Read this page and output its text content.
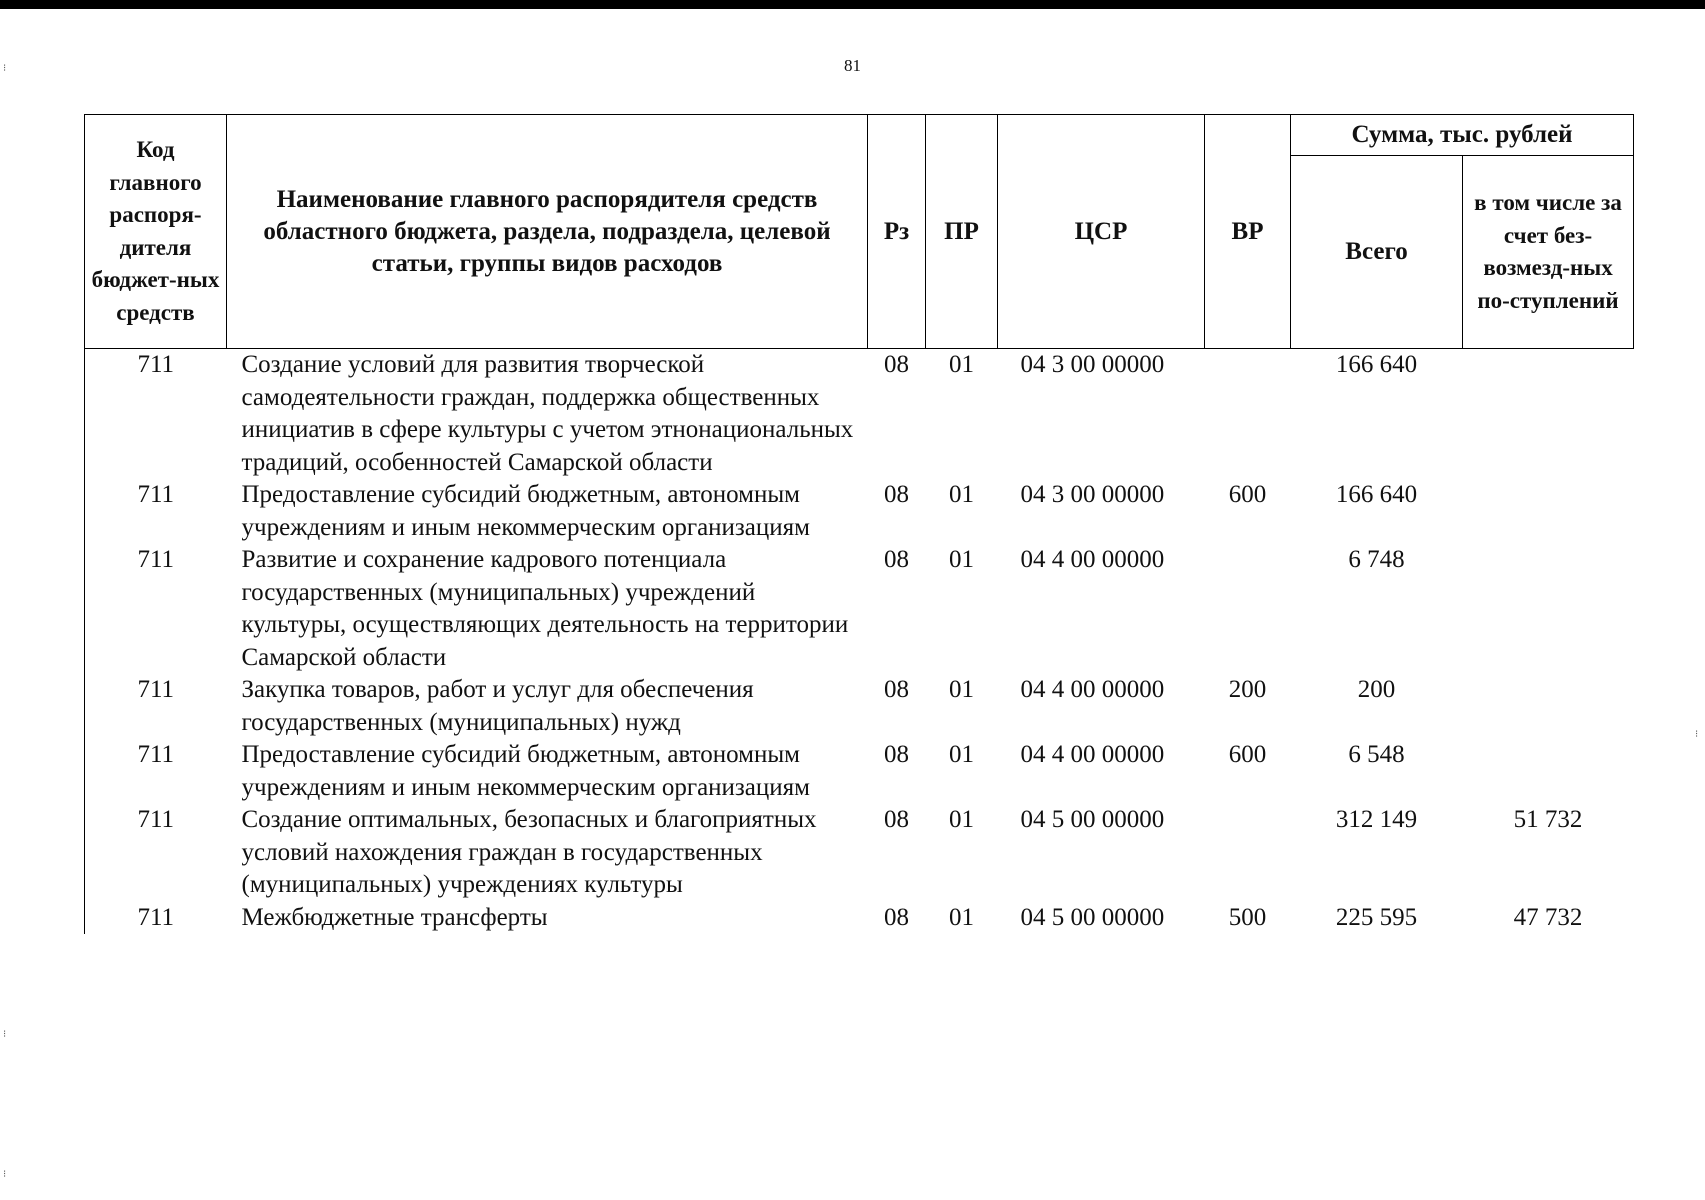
81
⁝
⁝
⁝
⁝
Код главного распоря-дителя бюджет-ных средств	Наименование главного распорядителя средств областного бюджета, раздела, подраздела, целевой статьи, группы видов расходов	Рз	ПР	ЦСР	ВР	Сумма, тыс. рублей	
						Всего	в том числе за счет без-возмезд-ных по-ступлений
711	Создание условий для развития творческой самодеятельности граждан, поддержка общественных инициатив в сфере культуры с учетом этнонациональных традиций, особенностей Самарской области	08	01	04 3 00 00000		166 640	
711	Предоставление субсидий бюджетным, автономным учреждениям и иным некоммерческим организациям	08	01	04 3 00 00000	600	166 640	
711	Развитие и сохранение кадрового потенциала государственных (муниципальных) учреждений культуры, осуществляющих деятельность на территории Самарской области	08	01	04 4 00 00000		6 748	
711	Закупка товаров, работ и услуг для обеспечения государственных (муниципальных) нужд	08	01	04 4 00 00000	200	200	
711	Предоставление субсидий бюджетным, автономным учреждениям и иным некоммерческим организациям	08	01	04 4 00 00000	600	6 548	
711	Создание оптимальных, безопасных и благоприятных условий нахождения граждан в государственных (муниципальных) учреждениях культуры	08	01	04 5 00 00000		312 149	51 732
711	Межбюджетные трансферты	08	01	04 5 00 00000	500	225 595	47 732
